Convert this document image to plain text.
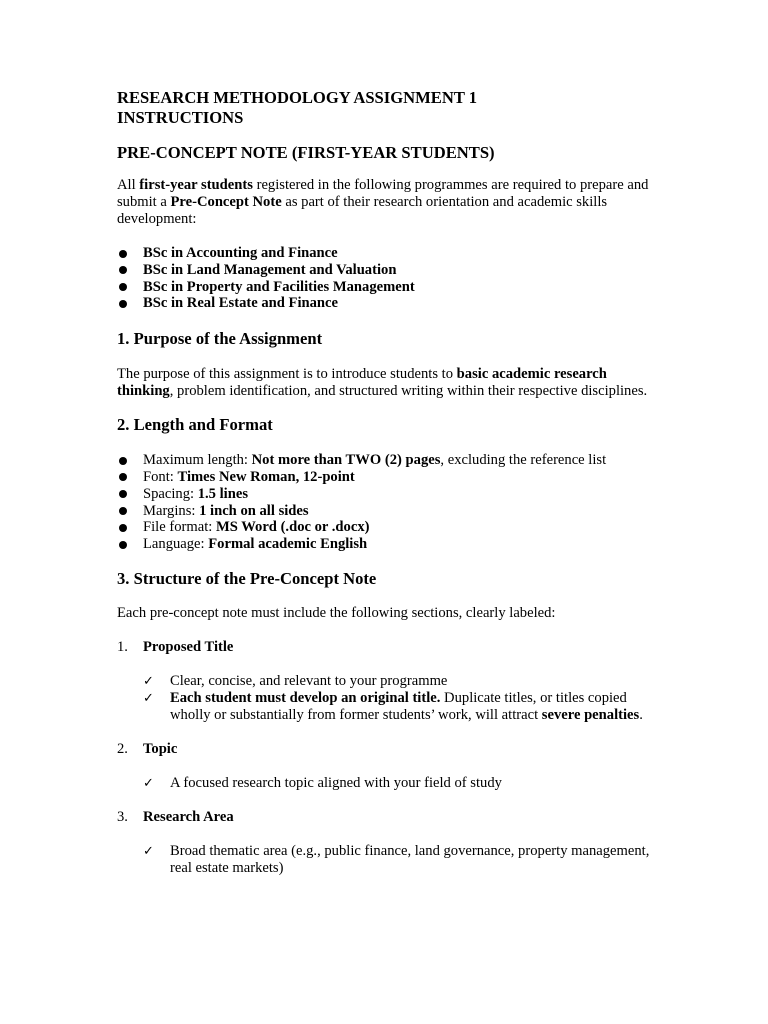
RESEARCH METHODOLOGY ASSIGNMENT 1
INSTRUCTIONS
PRE-CONCEPT NOTE (FIRST-YEAR STUDENTS)

All first-year students registered in the following programmes are required to prepare and submit a Pre-Concept Note as part of their research orientation and academic skills development:

BSc in Accounting and Finance
BSc in Land Management and Valuation
BSc in Property and Facilities Management
BSc in Real Estate and Finance
1. Purpose of the Assignment

The purpose of this assignment is to introduce students to basic academic research thinking, problem identification, and structured writing within their respective disciplines.

2. Length and Format
Maximum length: Not more than TWO (2) pages, excluding the reference list
Font: Times New Roman, 12-point
Spacing: 1.5 lines
Margins: 1 inch on all sides
File format: MS Word (.doc or .docx)
Language: Formal academic English
3. Structure of the Pre-Concept Note

Each pre-concept note must include the following sections, clearly labeled:

1. Proposed Title
✓ Clear, concise, and relevant to your programme
✓ Each student must develop an original title. Duplicate titles, or titles copied wholly or substantially from former students’ work, will attract severe penalties.
2. Topic
✓ A focused research topic aligned with your field of study
3. Research Area
✓ Broad thematic area (e.g., public finance, land governance, property management, real estate markets)
